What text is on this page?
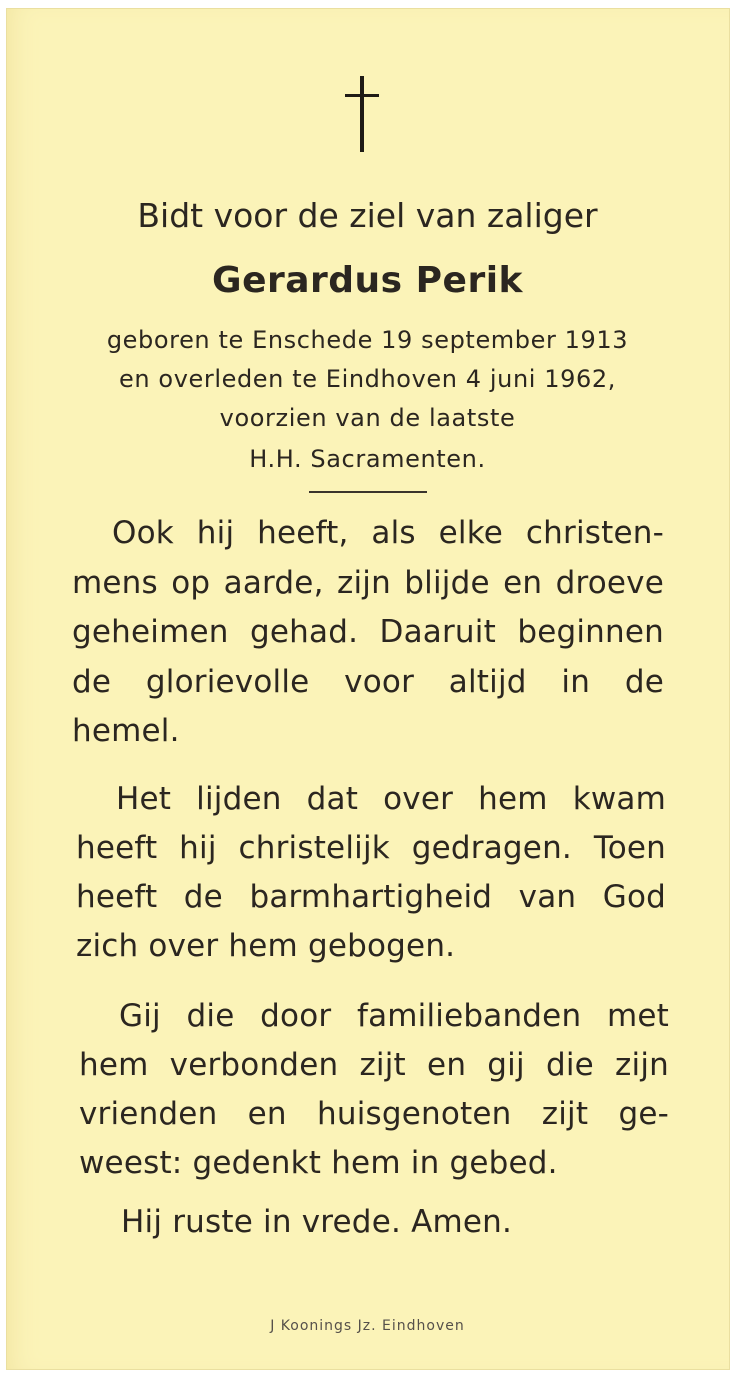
Bidt voor de ziel van zaliger
Gerardus Perik
geboren te Enschede 19 september 1913
en overleden te Eindhoven 4 juni 1962,
voorzien van de laatste
H.H. Sacramenten.
Ook hij heeft, als elke christen-
mens op aarde, zijn blijde en droeve
geheimen gehad. Daaruit beginnen
de glorievolle voor altijd in de
hemel.
Het lijden dat over hem kwam
heeft hij christelijk gedragen. Toen
heeft de barmhartigheid van God
zich over hem gebogen.
Gij die door familiebanden met
hem verbonden zijt en gij die zijn
vrienden en huisgenoten zijt ge-
weest: gedenkt hem in gebed.
Hij ruste in vrede. Amen.
J Koonings Jz. Eindhoven
